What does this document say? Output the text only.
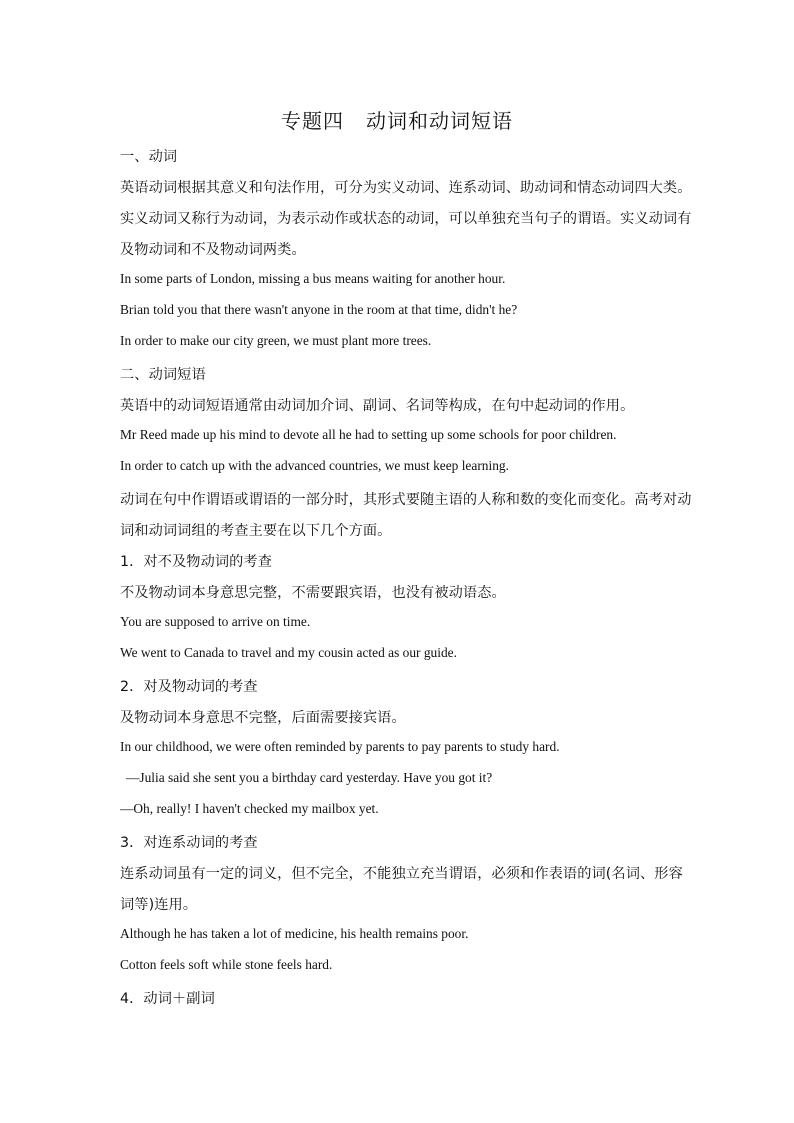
专题四 动词和动词短语
一、动词
英语动词根据其意义和句法作用，可分为实义动词、连系动词、助动词和情态动词四大类。
实义动词又称行为动词，为表示动作或状态的动词，可以单独充当句子的谓语。实义动词有
及物动词和不及物动词两类。
In some parts of London, missing a bus means waiting for another hour.
Brian told you that there wasn't anyone in the room at that time, didn't he?
In order to make our city green, we must plant more trees.
二、动词短语
英语中的动词短语通常由动词加介词、副词、名词等构成，在句中起动词的作用。
Mr Reed made up his mind to devote all he had to setting up some schools for poor children.
In order to catch up with the advanced countries, we must keep learning.
动词在句中作谓语或谓语的一部分时，其形式要随主语的人称和数的变化而变化。高考对动
词和动词词组的考查主要在以下几个方面。
1．对不及物动词的考查
不及物动词本身意思完整，不需要跟宾语，也没有被动语态。
You are supposed to arrive on time.
We went to Canada to travel and my cousin acted as our guide.
2．对及物动词的考查
及物动词本身意思不完整，后面需要接宾语。
In our childhood, we were often reminded by parents to pay parents to study hard.
—Julia said she sent you a birthday card yesterday. Have you got it?
—Oh, really! I haven't checked my mailbox yet.
3．对连系动词的考查
连系动词虽有一定的词义，但不完全，不能独立充当谓语，必须和作表语的词(名词、形容
词等)连用。
Although he has taken a lot of medicine, his health remains poor.
Cotton feels soft while stone feels hard.
4．动词＋副词
